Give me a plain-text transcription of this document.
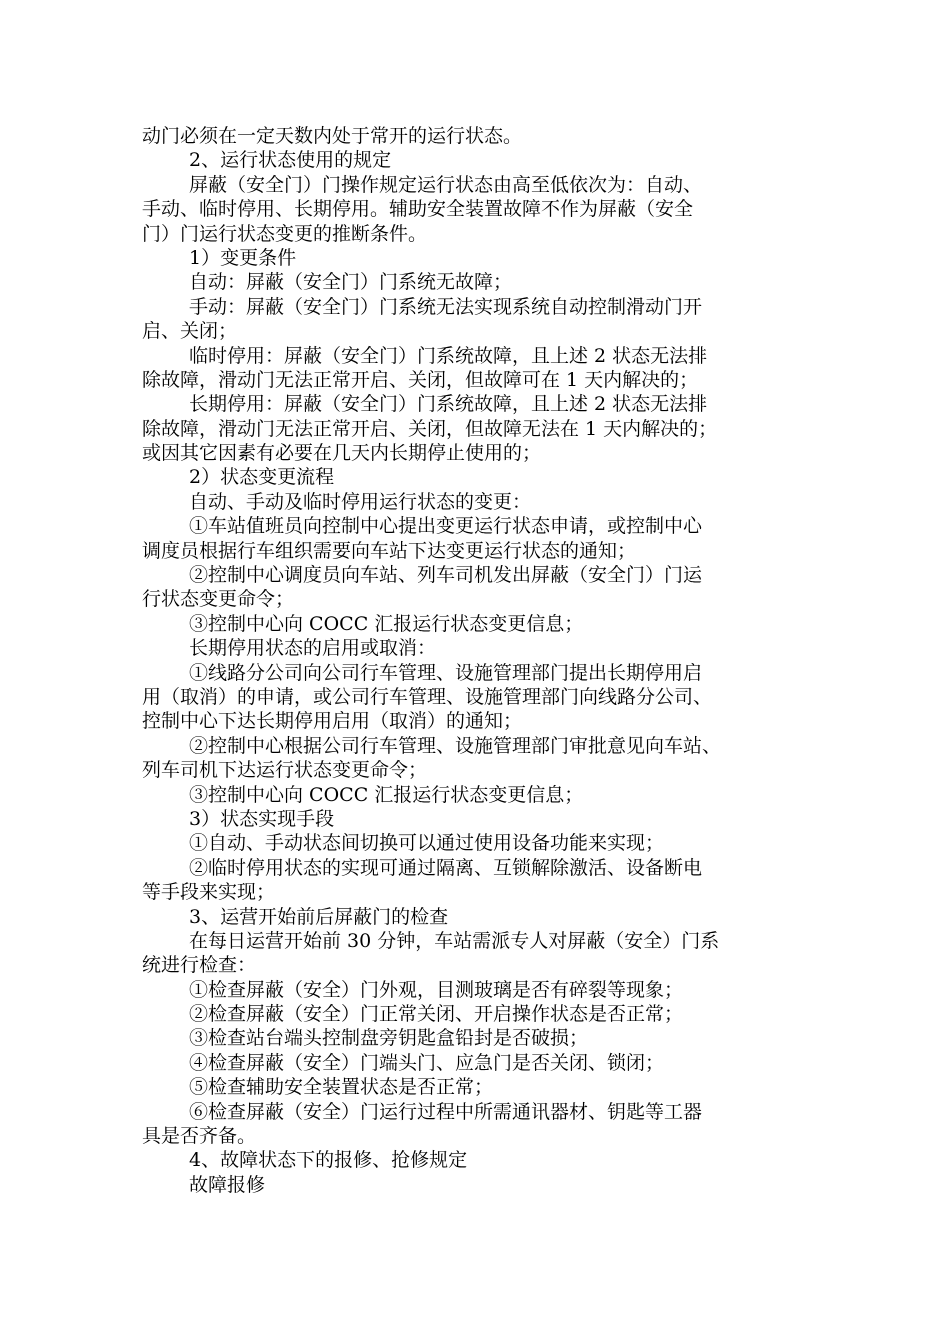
动门必须在一定天数内处于常开的运行状态。
2、运行状态使用的规定
屏蔽（安全门）门操作规定运行状态由高至低依次为：自动、
手动、临时停用、长期停用。辅助安全装置故障不作为屏蔽（安全
门）门运行状态变更的推断条件。
1）变更条件
自动：屏蔽（安全门）门系统无故障；
手动：屏蔽（安全门）门系统无法实现系统自动控制滑动门开
启、关闭；
临时停用：屏蔽（安全门）门系统故障，且上述 2 状态无法排
除故障，滑动门无法正常开启、关闭，但故障可在 1 天内解决的；
长期停用：屏蔽（安全门）门系统故障，且上述 2 状态无法排
除故障，滑动门无法正常开启、关闭，但故障无法在 1 天内解决的；
或因其它因素有必要在几天内长期停止使用的；
2）状态变更流程
自动、手动及临时停用运行状态的变更：
①车站值班员向控制中心提出变更运行状态申请，或控制中心
调度员根据行车组织需要向车站下达变更运行状态的通知；
②控制中心调度员向车站、列车司机发出屏蔽（安全门）门运
行状态变更命令；
③控制中心向 COCC 汇报运行状态变更信息；
长期停用状态的启用或取消：
①线路分公司向公司行车管理、设施管理部门提出长期停用启
用（取消）的申请，或公司行车管理、设施管理部门向线路分公司、
控制中心下达长期停用启用（取消）的通知；
②控制中心根据公司行车管理、设施管理部门审批意见向车站、
列车司机下达运行状态变更命令；
③控制中心向 COCC 汇报运行状态变更信息；
3）状态实现手段
①自动、手动状态间切换可以通过使用设备功能来实现；
②临时停用状态的实现可通过隔离、互锁解除激活、设备断电
等手段来实现；
3、运营开始前后屏蔽门的检查
在每日运营开始前 30 分钟，车站需派专人对屏蔽（安全）门系
统进行检查：
①检查屏蔽（安全）门外观，目测玻璃是否有碎裂等现象；
②检查屏蔽（安全）门正常关闭、开启操作状态是否正常；
③检查站台端头控制盘旁钥匙盒铅封是否破损；
④检查屏蔽（安全）门端头门、应急门是否关闭、锁闭；
⑤检查辅助安全装置状态是否正常；
⑥检查屏蔽（安全）门运行过程中所需通讯器材、钥匙等工器
具是否齐备。
4、故障状态下的报修、抢修规定
故障报修
